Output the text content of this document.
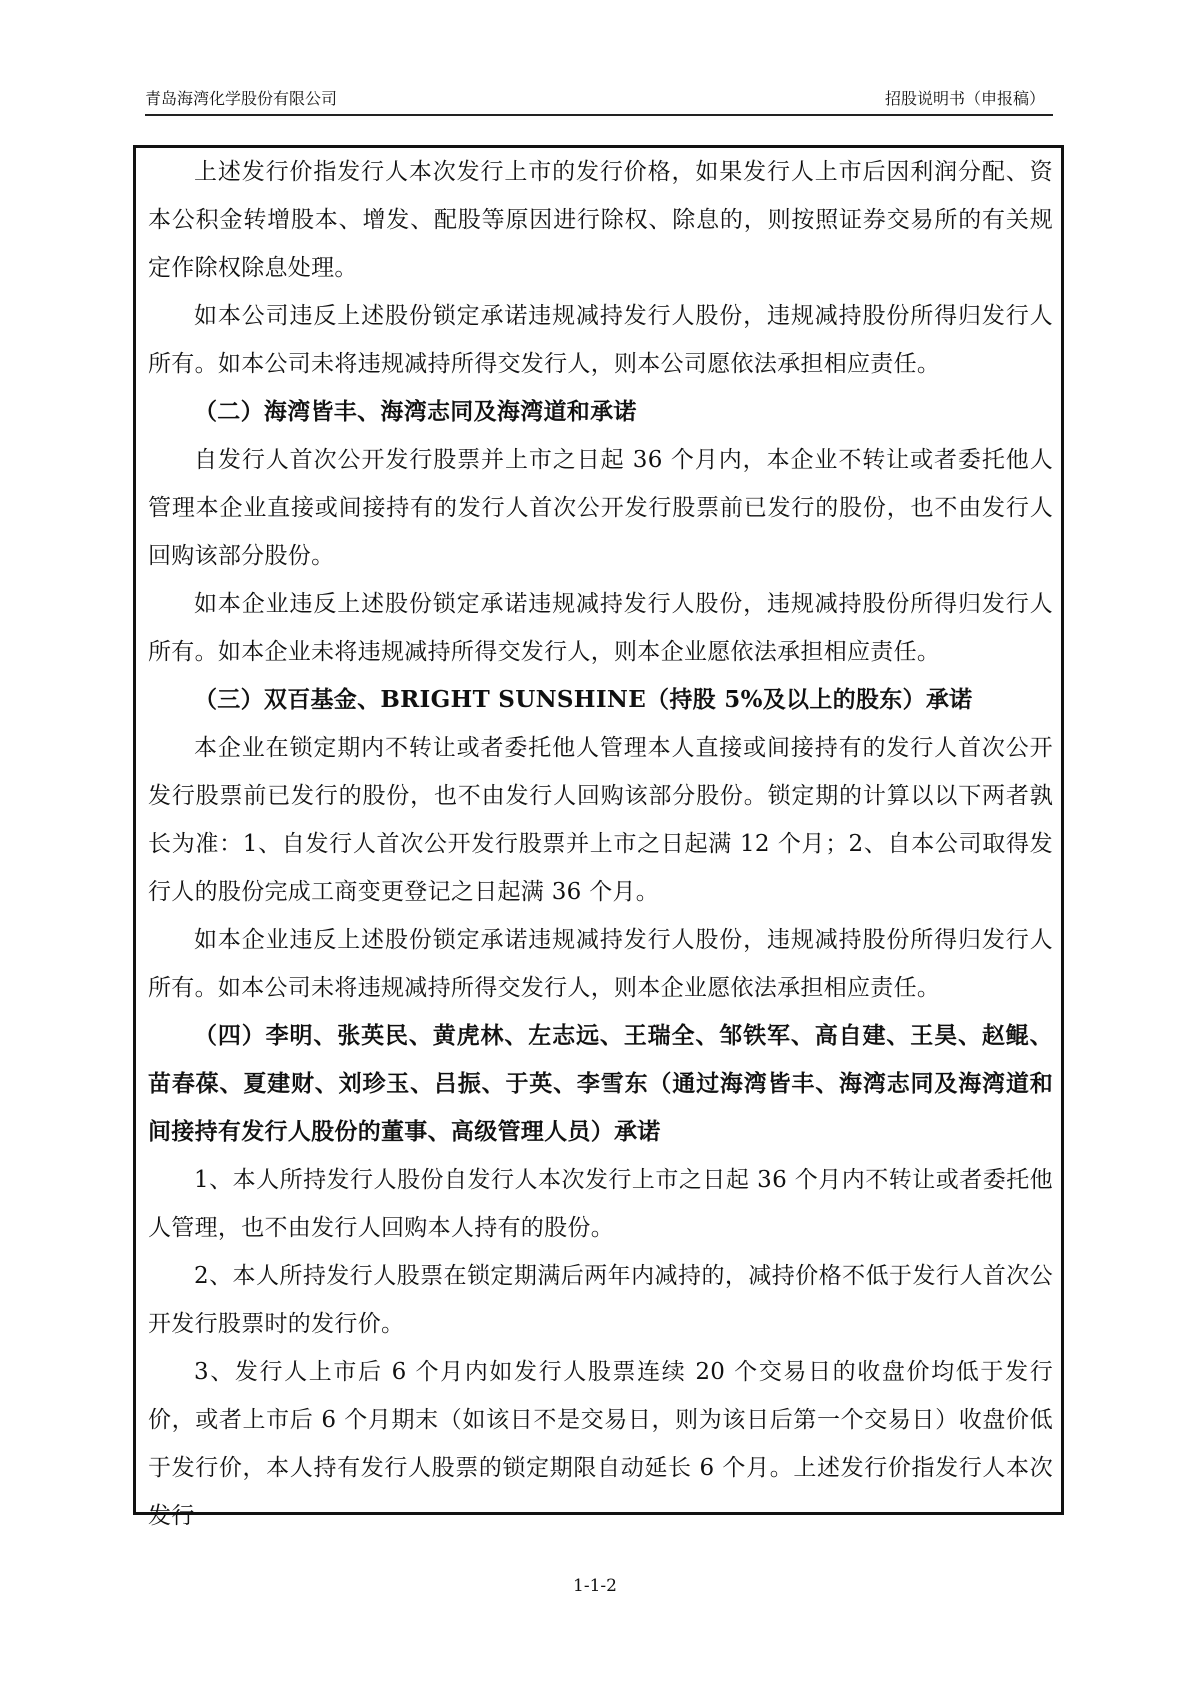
青岛海湾化学股份有限公司	招股说明书（申报稿）

上述发行价指发行人本次发行上市的发行价格，如果发行人上市后因利润分配、资本公积金转增股本、增发、配股等原因进行除权、除息的，则按照证券交易所的有关规定作除权除息处理。

如本公司违反上述股份锁定承诺违规减持发行人股份，违规减持股份所得归发行人所有。如本公司未将违规减持所得交发行人，则本公司愿依法承担相应责任。

（二）海湾皆丰、海湾志同及海湾道和承诺

自发行人首次公开发行股票并上市之日起 36 个月内，本企业不转让或者委托他人管理本企业直接或间接持有的发行人首次公开发行股票前已发行的股份，也不由发行人回购该部分股份。

如本企业违反上述股份锁定承诺违规减持发行人股份，违规减持股份所得归发行人所有。如本企业未将违规减持所得交发行人，则本企业愿依法承担相应责任。

（三）双百基金、BRIGHT SUNSHINE（持股 5%及以上的股东）承诺

本企业在锁定期内不转让或者委托他人管理本人直接或间接持有的发行人首次公开发行股票前已发行的股份，也不由发行人回购该部分股份。锁定期的计算以以下两者孰长为准：1、自发行人首次公开发行股票并上市之日起满 12 个月；2、自本公司取得发行人的股份完成工商变更登记之日起满 36 个月。

如本企业违反上述股份锁定承诺违规减持发行人股份，违规减持股份所得归发行人所有。如本公司未将违规减持所得交发行人，则本企业愿依法承担相应责任。

（四）李明、张英民、黄虎林、左志远、王瑞全、邹铁军、高自建、王昊、赵鲲、苗春葆、夏建财、刘珍玉、吕振、于英、李雪东（通过海湾皆丰、海湾志同及海湾道和间接持有发行人股份的董事、高级管理人员）承诺

1、本人所持发行人股份自发行人本次发行上市之日起 36 个月内不转让或者委托他人管理，也不由发行人回购本人持有的股份。

2、本人所持发行人股票在锁定期满后两年内减持的，减持价格不低于发行人首次公开发行股票时的发行价。

3、发行人上市后 6 个月内如发行人股票连续 20 个交易日的收盘价均低于发行价，或者上市后 6 个月期末（如该日不是交易日，则为该日后第一个交易日）收盘价低于发行价，本人持有发行人股票的锁定期限自动延长 6 个月。上述发行价指发行人本次发行

1-1-2
